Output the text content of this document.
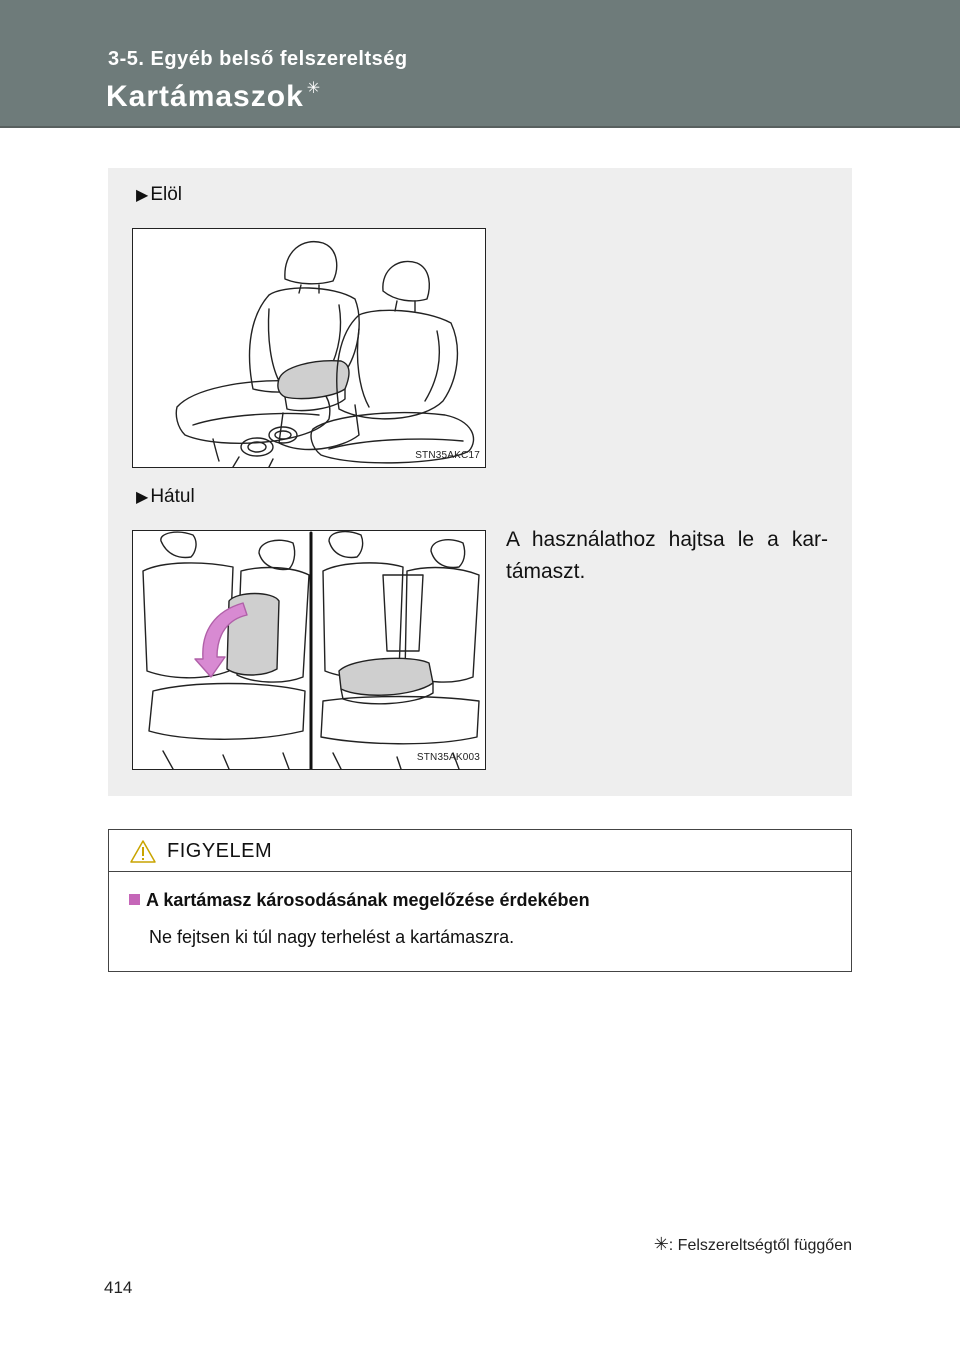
3-5. Egyéb belső felszereltség
Kartámaszok ✳
▶ Elöl
STN35AKC17
▶ Hátul
STN35AK003
A használathoz hajtsa le a kar-támaszt.
FIGYELEM
A kartámasz károsodásának megelőzése érdekében
Ne fejtsen ki túl nagy terhelést a kartámaszra.
✳: Felszereltségtől függően
414
